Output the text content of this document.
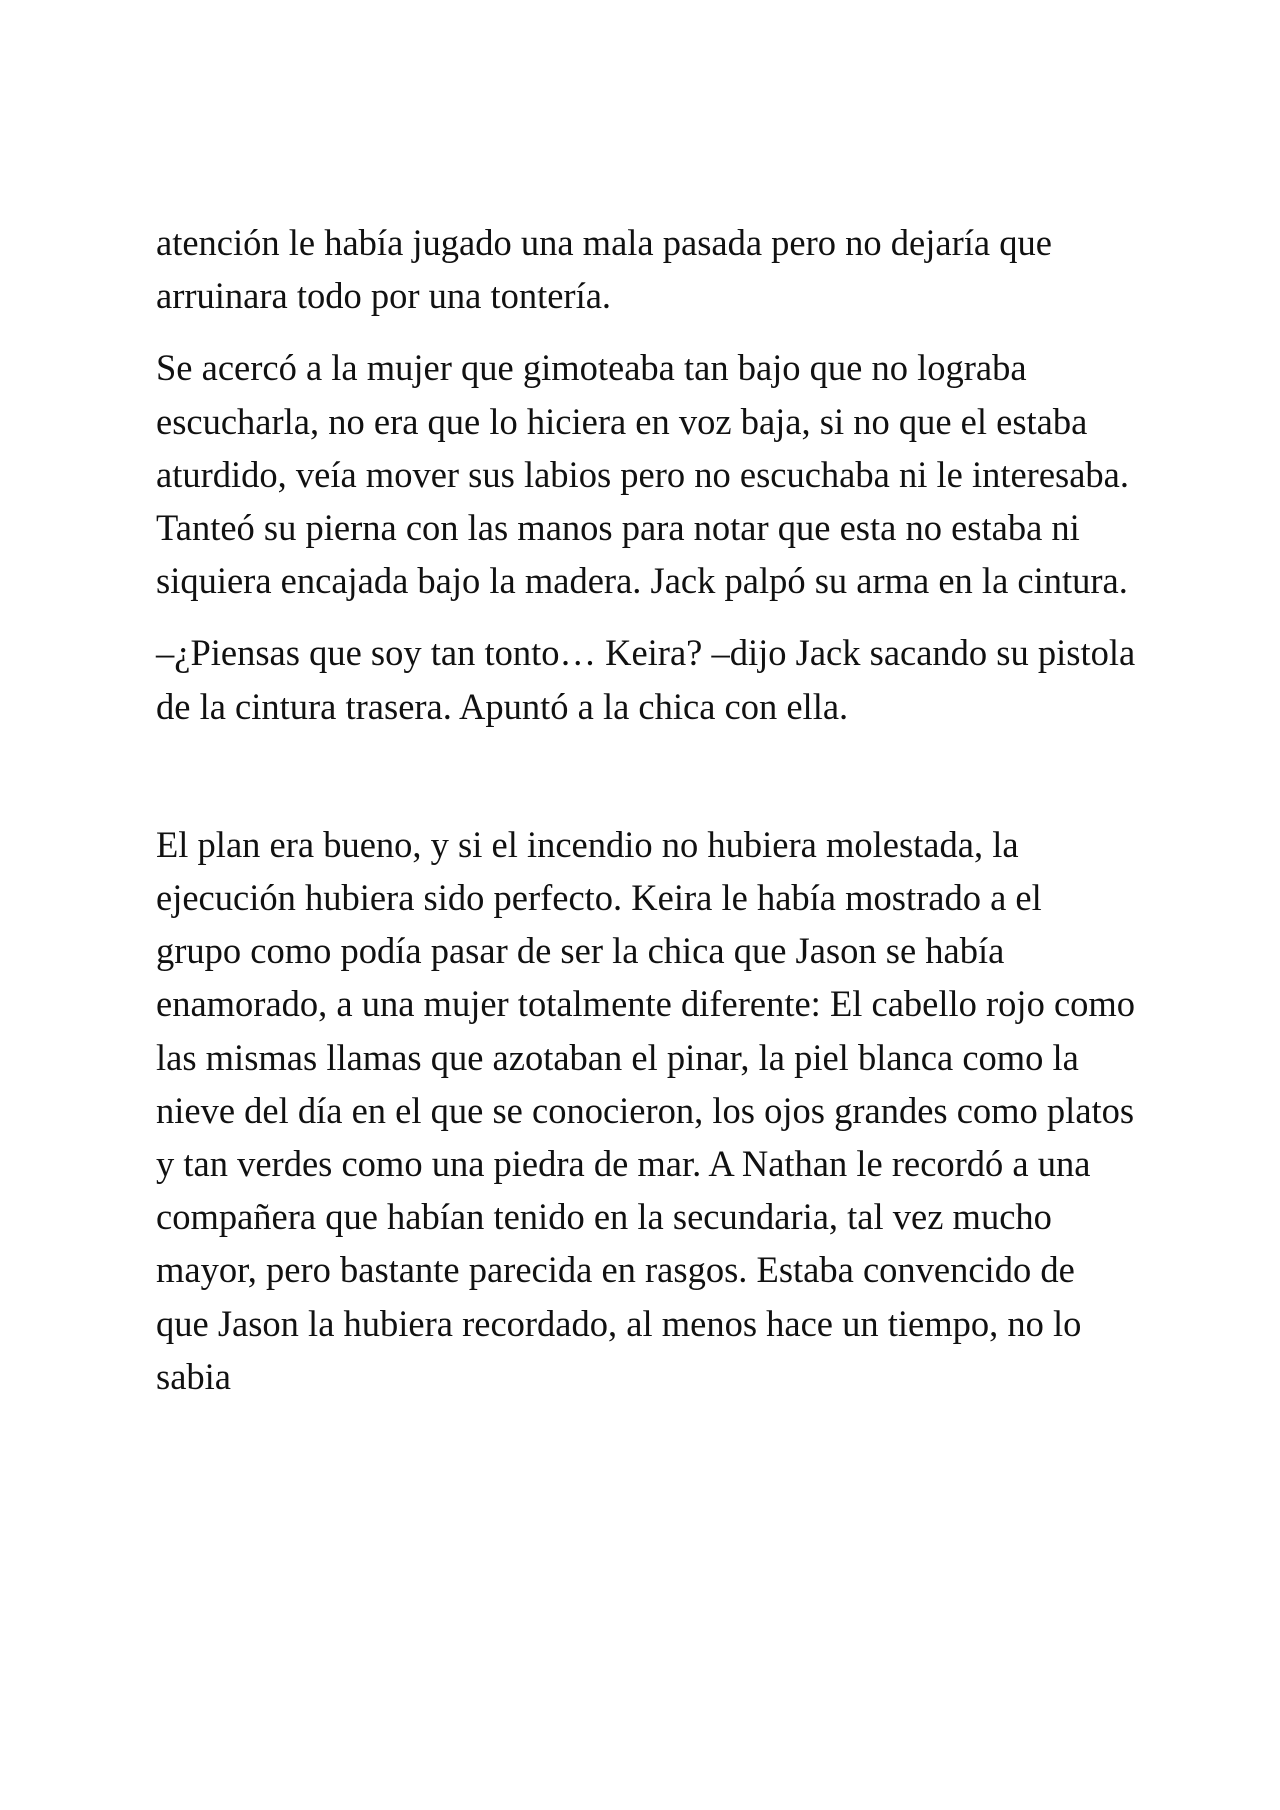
atención le había jugado una mala pasada pero no dejaría que arruinara todo por una tontería.

Se acercó a la mujer que gimoteaba tan bajo que no lograba escucharla, no era que lo hiciera en voz baja, si no que el estaba aturdido, veía mover sus labios pero no escuchaba ni le interesaba. Tanteó su pierna con las manos para notar que esta no estaba ni siquiera encajada bajo la madera. Jack palpó su arma en la cintura.

–¿Piensas que soy tan tonto… Keira? –dijo Jack sacando su pistola de la cintura trasera. Apuntó a la chica con ella.

El plan era bueno, y si el incendio no hubiera molestada, la ejecución hubiera sido perfecto. Keira le había mostrado a el grupo como podía pasar de ser la chica que Jason se había enamorado, a una mujer totalmente diferente: El cabello rojo como las mismas llamas que azotaban el pinar, la piel blanca como la nieve del día en el que se conocieron, los ojos grandes como platos y tan verdes como una piedra de mar. A Nathan le recordó a una compañera que habían tenido en la secundaria, tal vez mucho mayor, pero bastante parecida en rasgos. Estaba convencido de que Jason la hubiera recordado, al menos hace un tiempo, no lo sabia
